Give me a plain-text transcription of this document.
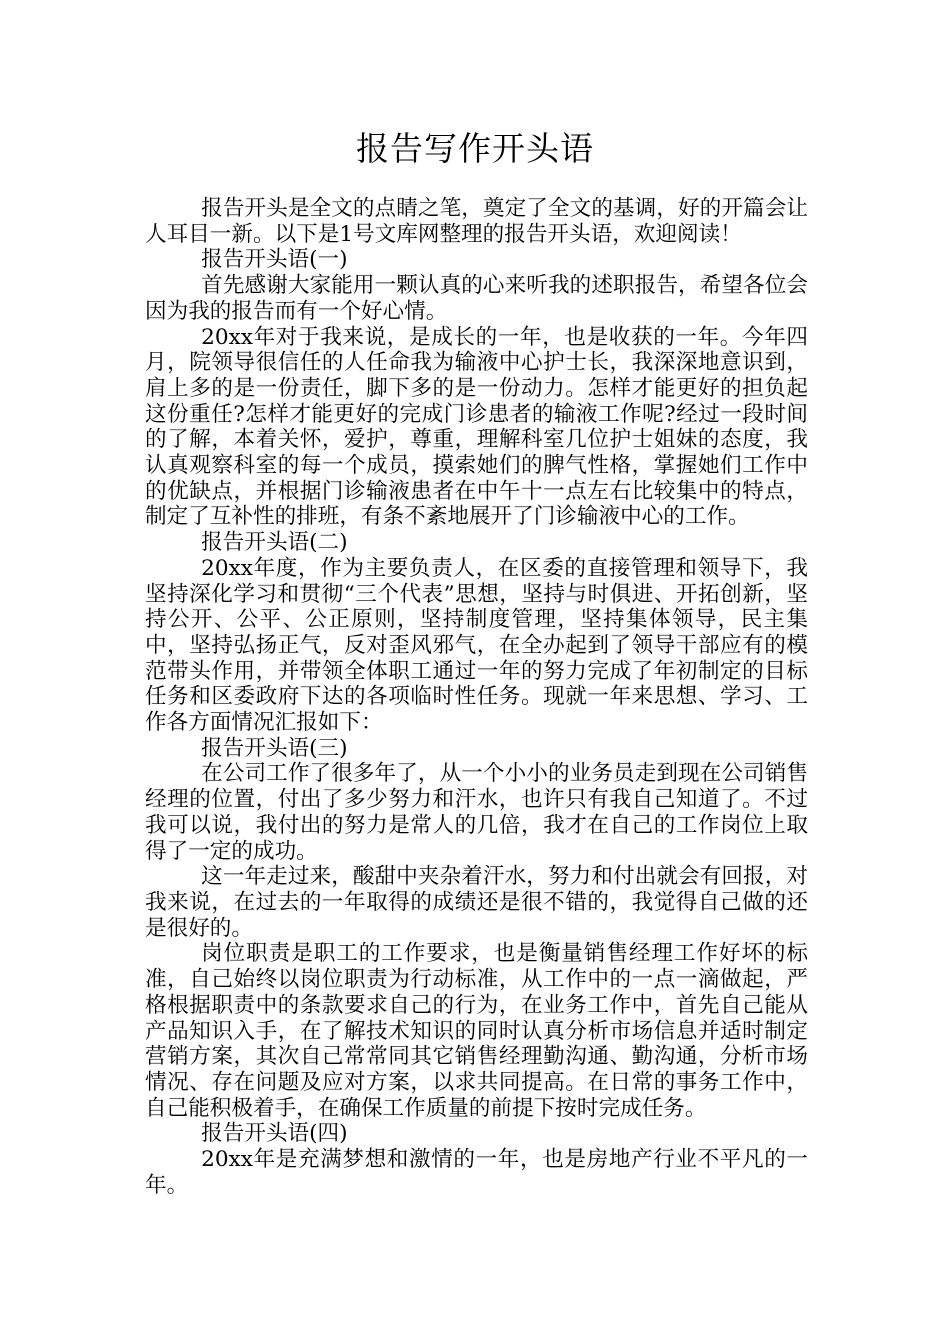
报告写作开头语

报告开头是全文的点睛之笔，奠定了全文的基调，好的开篇会让人耳目一新。以下是1号文库网整理的报告开头语，欢迎阅读！

报告开头语(一)

首先感谢大家能用一颗认真的心来听我的述职报告，希望各位会因为我的报告而有一个好心情。

20xx年对于我来说，是成长的一年，也是收获的一年。今年四月，院领导很信任的人任命我为输液中心护士长，我深深地意识到，肩上多的是一份责任，脚下多的是一份动力。怎样才能更好的担负起这份重任?怎样才能更好的完成门诊患者的输液工作呢?经过一段时间的了解，本着关怀，爱护，尊重，理解科室几位护士姐妹的态度，我认真观察科室的每一个成员，摸索她们的脾气性格，掌握她们工作中的优缺点，并根据门诊输液患者在中午十一点左右比较集中的特点，制定了互补性的排班，有条不紊地展开了门诊输液中心的工作。

报告开头语(二)

20xx年度，作为主要负责人，在区委的直接管理和领导下，我坚持深化学习和贯彻“三个代表”思想，坚持与时俱进、开拓创新，坚持公开、公平、公正原则，坚持制度管理，坚持集体领导，民主集中，坚持弘扬正气，反对歪风邪气，在全办起到了领导干部应有的模范带头作用，并带领全体职工通过一年的努力完成了年初制定的目标任务和区委政府下达的各项临时性任务。现就一年来思想、学习、工作各方面情况汇报如下：

报告开头语(三)

在公司工作了很多年了，从一个小小的业务员走到现在公司销售经理的位置，付出了多少努力和汗水，也许只有我自己知道了。不过我可以说，我付出的努力是常人的几倍，我才在自己的工作岗位上取得了一定的成功。

这一年走过来，酸甜中夹杂着汗水，努力和付出就会有回报，对我来说，在过去的一年取得的成绩还是很不错的，我觉得自己做的还是很好的。

岗位职责是职工的工作要求，也是衡量销售经理工作好坏的标准，自己始终以岗位职责为行动标准，从工作中的一点一滴做起，严格根据职责中的条款要求自己的行为，在业务工作中，首先自己能从产品知识入手，在了解技术知识的同时认真分析市场信息并适时制定营销方案，其次自己常常同其它销售经理勤沟通、勤沟通，分析市场情况、存在问题及应对方案，以求共同提高。在日常的事务工作中，自己能积极着手，在确保工作质量的前提下按时完成任务。

报告开头语(四)

20xx年是充满梦想和激情的一年，也是房地产行业不平凡的一年。
